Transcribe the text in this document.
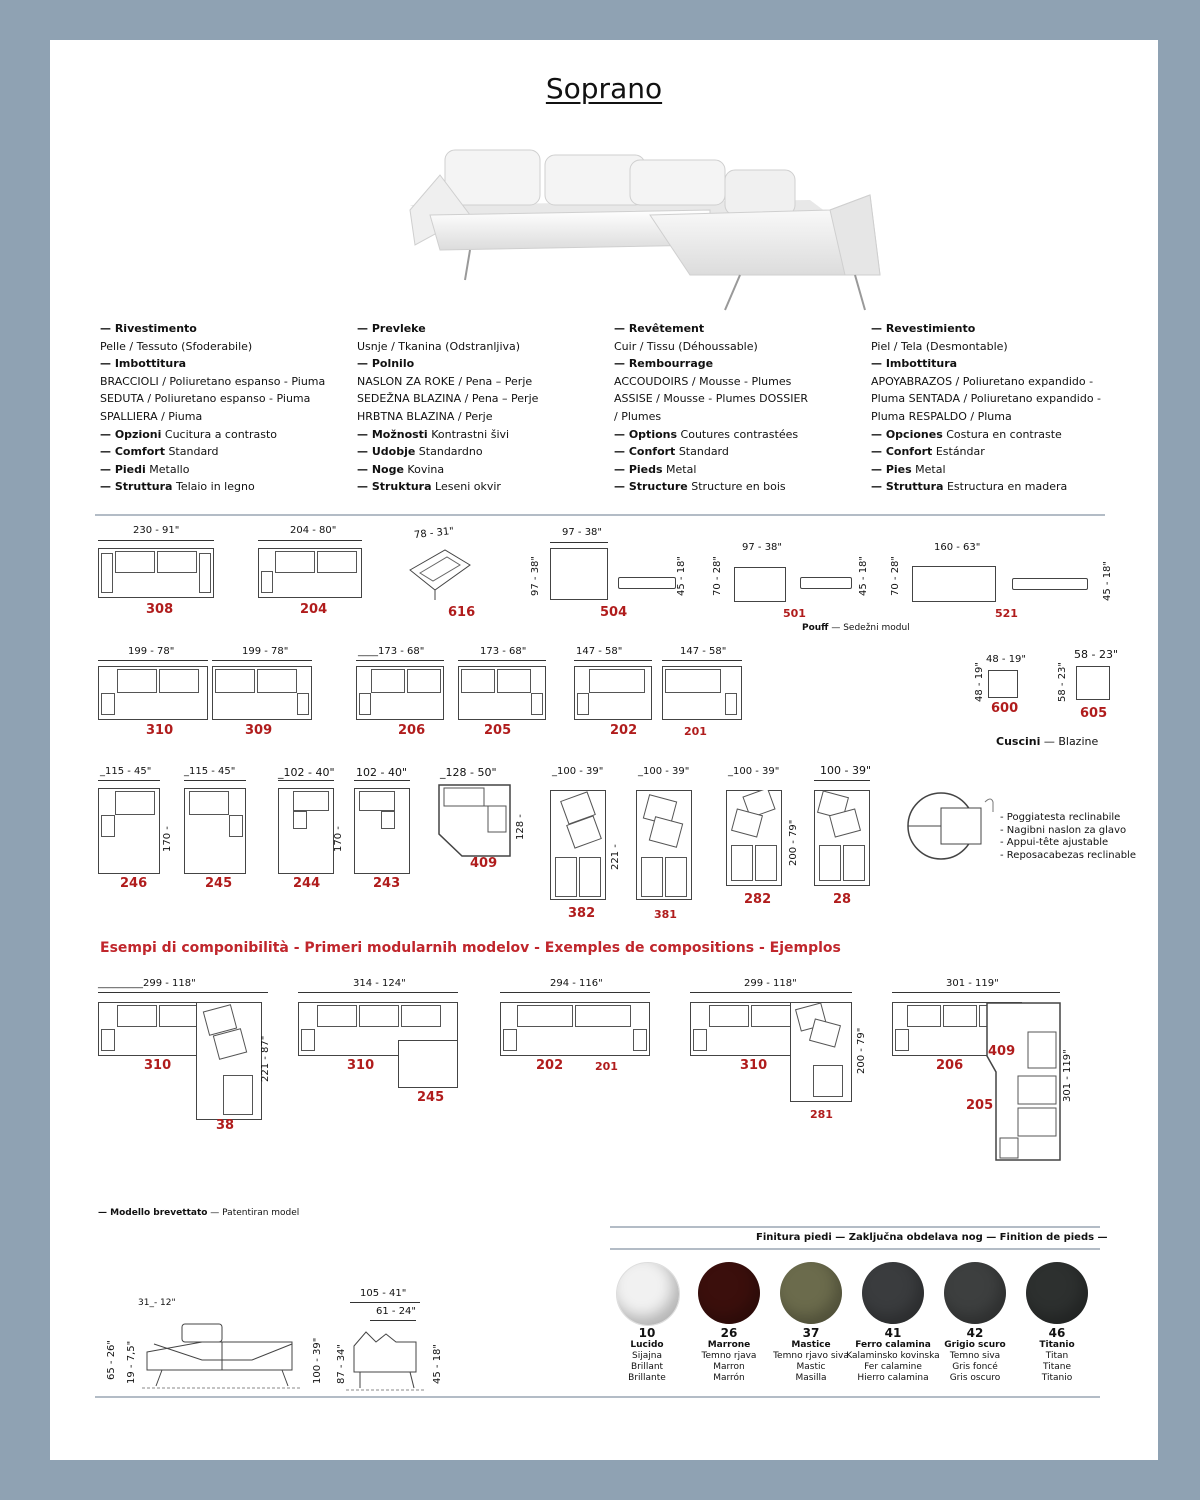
Soprano
— Rivestimento
Pelle / Tessuto (Sfoderabile)
— Imbottitura
BRACCIOLI / Poliuretano espanso - Piuma
SEDUTA / Poliuretano espanso - Piuma
SPALLIERA / Piuma
— Opzioni Cucitura a contrasto
— Comfort Standard
— Piedi Metallo
— Struttura Telaio in legno
— Prevleke
Usnje / Tkanina (Odstranljiva)
— Polnilo
NASLON ZA ROKE / Pena – Perje
SEDEŽNA BLAZINA / Pena – Perje
HRBTNA BLAZINA / Perje
— Možnosti Kontrastni šivi
— Udobje Standardno
— Noge Kovina
— Struktura Leseni okvir
— Revêtement
Cuir / Tissu (Déhoussable)
— Rembourrage
ACCOUDOIRS / Mousse - Plumes
ASSISE / Mousse - Plumes DOSSIER
/ Plumes
— Options Coutures contrastées
— Confort Standard
— Pieds Metal
— Structure Structure en bois
— Revestimiento
Piel / Tela (Desmontable)
— Imbottitura
APOYABRAZOS / Poliuretano expandido -
Pluma SENTADA / Poliuretano expandido -
Pluma RESPALDO / Pluma
— Opciones Costura en contraste
— Confort Estándar
— Pies Metal
— Struttura Estructura en madera
230 - 91"
308
204 - 80"
204
78 - 31"
616
97 - 38"
97 - 38"	45 - 18"
504
97 - 38"
70 - 28"	45 - 18"
501
160 - 63"
70 - 28"	45 - 18"
521
Pouff — Sedežni modul
199 - 78"
310
199 - 78"
309
____173 - 68"
206
173 - 68"
205
147 - 58"
202
147 - 58"
201
48 - 19"
48 - 19"
600
58 - 23"
58 - 23"
605
Cuscini — Blazine
_115 - 45"
246
_115 - 45"
170 -
245
_102 - 40"
244
102 - 40"
170 -
243
_128 - 50"
128 -
409
_100 - 39"
382
221 -
_100 - 39"
381
_100 - 39"
282
200 - 79"
100 - 39"
28
- Poggiatesta reclinabile
- Nagibni naslon za glavo
- Appui-tête ajustable
- Reposacabezas reclinable
Esempi di componibilità - Primeri modularnih modelov - Exemples de compositions - Ejemplos
_________299 - 118"
221 - 87"
310
38
314 - 124"
310
245
294 - 116"
202	201
299 - 118"
200 - 79"
310
281
301 - 119"
301 - 119"
206
409
205
— Modello brevettato — Patentiran model
Finitura piedi — Zaključna obdelava nog — Finition de pieds —
31_- 12"
65 - 26" 19 - 7,5"
105 - 41"
61 - 24"
100 - 39" 87 - 34"	45 - 18"
10
Lucido
Sijajna
Brillant
Brillante
26
Marrone
Temno rjava
Marron
Marrón
37
Mastice
Temno rjavo siva
Mastic
Masilla
41
Ferro calamina
Kalaminsko kovinska
Fer calamine
Hierro calamina
42
Grigio scuro
Temno siva
Gris foncé
Gris oscuro
46
Titanio
Titan
Titane
Titanio
